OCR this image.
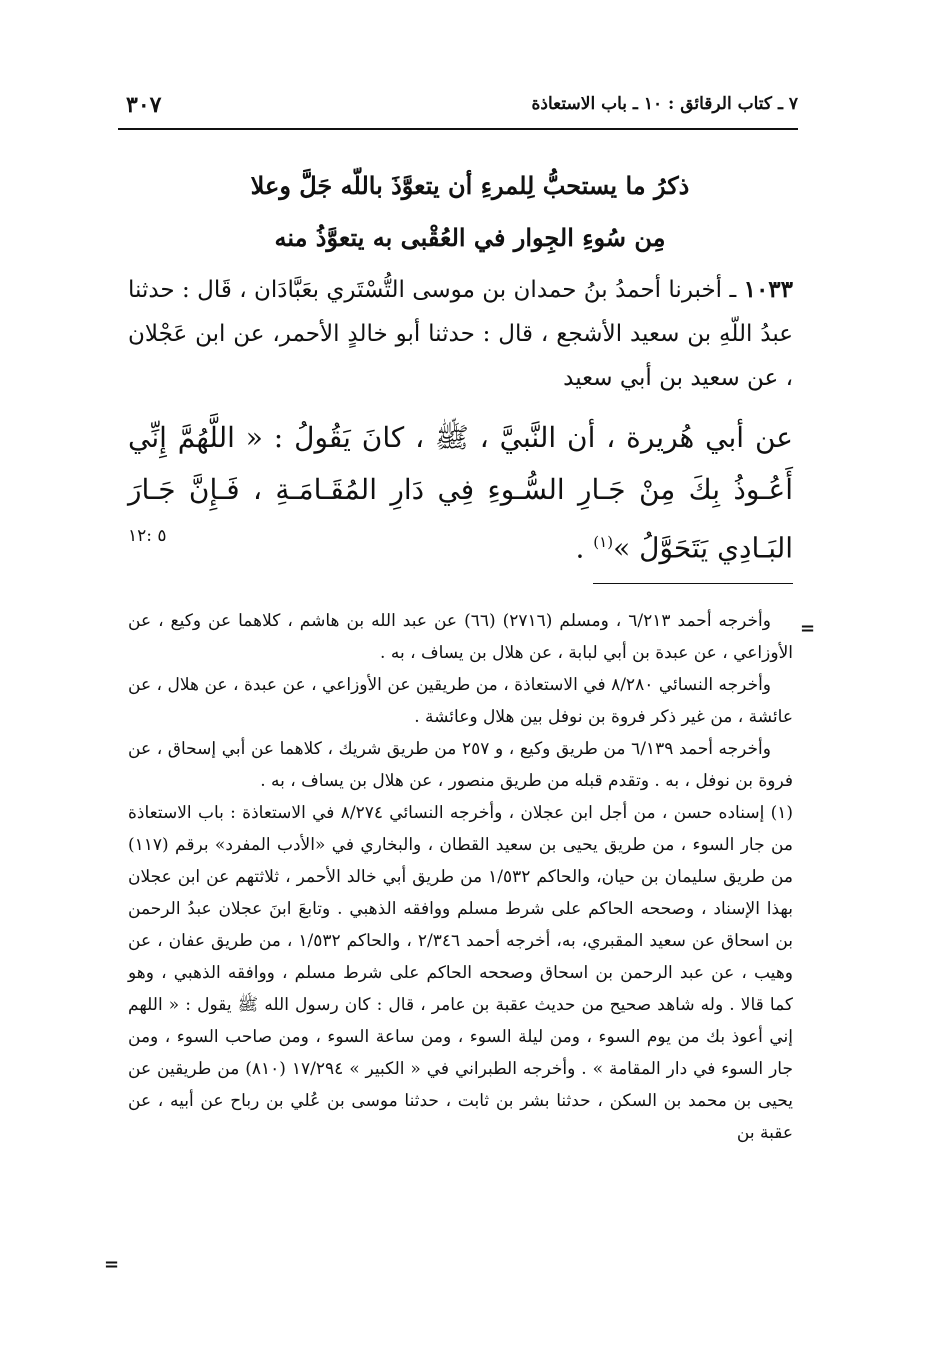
٧ ـ كتاب الرقائق : ١٠ ـ باب الاستعاذة
٣٠٧
ذكرُ ما يستحبُّ لِلمرءِ أن يتعوَّذَ باللّه جَلَّ وعلا
مِن سُوءِ الجِوار في العُقْبى به يتعوَّذُ منه
١٠٣٣ ـ أخبرنا أحمدُ بنُ حمدان بن موسى التُّسْتَري بعَبَّادَان ، قَال : حدثنا عبدُ اللّهِ بن سعيد الأشجع ، قال : حدثنا أبو خالدٍ الأحمر، عن ابن عَجْلان ، عن سعيد بن أبي سعيد
عن أبي هُريرة ، أن النَّبيَّ ، ﷺ ، كانَ يَقُولُ : « اللَّهُمَّ إِنِّي أَعُـوذُ بِكَ مِنْ جَـارِ السُّـوءِ فِي دَارِ المُقَـامَـةِ ، فَـإِنَّ جَـارَ البَـادِي يَتَحَوَّلُ »$^{(١)}$ .
٥ :١٢
=

وأخرجه أحمد ٦/٢١٣ ، ومسلم (٢٧١٦) (٦٦) عن عبد الله بن هاشم ، كلاهما عن وكيع ، عن الأوزاعي ، عن عبدة بن أبي لبابة ، عن هلال بن يساف ، به .

وأخرجه النسائي ٨/٢٨٠ في الاستعاذة ، من طريقين عن الأوزاعي ، عن عبدة ، عن هلال ، عن عائشة ، من غير ذكر فروة بن نوفل بين هلال وعائشة .

وأخرجه أحمد ٦/١٣٩ من طريق وكيع ، و ٢٥٧ من طريق شريك ، كلاهما عن أبي إسحاق ، عن فروة بن نوفل ، به . وتقدم قبله من طريق منصور ، عن هلال بن يساف ، به .

(١) إسناده حسن ، من أجل ابن عجلان ، وأخرجه النسائي ٨/٢٧٤ في الاستعاذة : باب الاستعاذة من جار السوء ، من طريق يحيى بن سعيد القطان ، والبخاري في «الأدب المفرد» برقم (١١٧) من طريق سليمان بن حيان، والحاكم ١/٥٣٢ من طريق أبي خالد الأحمر ، ثلاثتهم عن ابن عجلان بهذا الإسناد ، وصححه الحاكم على شرط مسلم ووافقه الذهبي . وتابعَ ابنَ عجلان عبدُ الرحمن بن اسحاق عن سعيد المقبري، به، أخرجه أحمد ٢/٣٤٦ ، والحاكم ١/٥٣٢ ، من طريق عفان ، عن وهيب ، عن عبد الرحمن بن اسحاق وصححه الحاكم على شرط مسلم ، ووافقه الذهبي ، وهو كما قالا . وله شاهد صحيح من حديث عقبة بن عامر ، قال : كان رسول الله ﷺ يقول : « اللهم إني أعوذ بك من يوم السوء ، ومن ليلة السوء ، ومن ساعة السوء ، ومن صاحب السوء ، ومن جار السوء في دار المقامة » . وأخرجه الطبراني في « الكبير » ١٧/٢٩٤ (٨١٠) من طريقين عن يحيى بن محمد بن السكن ، حدثنا بشر بن ثابت ، حدثنا موسى بن عُلي بن رباح عن أبيه ، عن عقبة بن

=
